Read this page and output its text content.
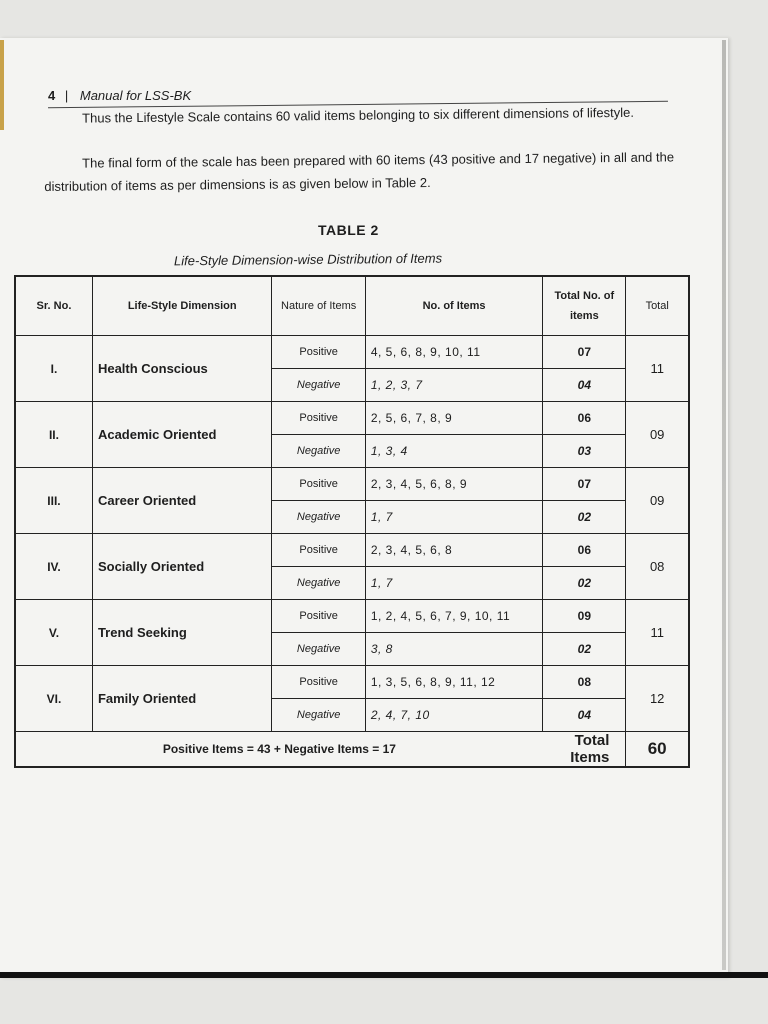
4 | Manual for LSS-BK
Thus the Lifestyle Scale contains 60 valid items belonging to six different dimensions of lifestyle.
The final form of the scale has been prepared with 60 items (43 positive and 17 negative) in all and the distribution of items as per dimensions is as given below in Table 2.
TABLE 2
Life-Style Dimension-wise Distribution of Items
Sr. No.	Life-Style Dimension	Nature of Items	No. of Items	Total No. of items	Total
I.	Health Conscious	Positive	4, 5, 6, 8, 9, 10, 11	07	11
		Negative	1, 2, 3, 7	04	
II.	Academic Oriented	Positive	2, 5, 6, 7, 8, 9	06	09
		Negative	1, 3, 4	03	
III.	Career Oriented	Positive	2, 3, 4, 5, 6, 8, 9	07	09
		Negative	1, 7	02	
IV.	Socially Oriented	Positive	2, 3, 4, 5, 6, 8	06	08
		Negative	1, 7	02	
V.	Trend Seeking	Positive	1, 2, 4, 5, 6, 7, 9, 10, 11	09	11
		Negative	3, 8	02	
VI.	Family Oriented	Positive	1, 3, 5, 6, 8, 9, 11, 12	08	12
		Negative	2, 4, 7, 10	04	
Positive Items = 43 + Negative Items = 17				Total Items	60
